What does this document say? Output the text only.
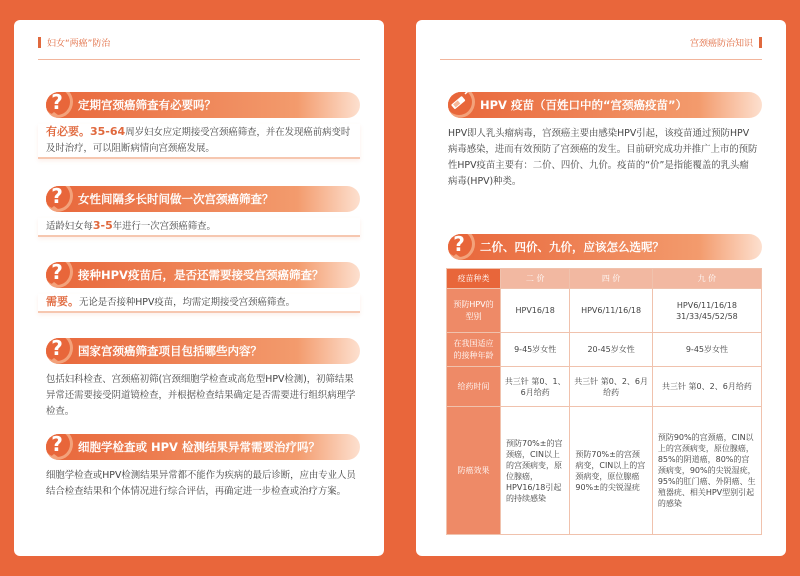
妇女“两癌”防治
? 定期宫颈癌筛查有必要吗？
有必要。35-64周岁妇女应定期接受宫颈癌筛查，并在发现癌前病变时及时治疗，可以阻断病情向宫颈癌发展。
? 女性间隔多长时间做一次宫颈癌筛查？
适龄妇女每3-5年进行一次宫颈癌筛查。
? 接种HPV疫苗后，是否还需要接受宫颈癌筛查？
需要。无论是否接种HPV疫苗，均需定期接受宫颈癌筛查。
? 国家宫颈癌筛查项目包括哪些内容？
包括妇科检查、宫颈癌初筛(宫颈细胞学检查或高危型HPV检测)，初筛结果异常还需要接受阴道镜检查，并根据检查结果确定是否需要进行组织病理学检查。
? 细胞学检查或 HPV 检测结果异常需要治疗吗？
细胞学检查或HPV检测结果异常都不能作为疾病的最后诊断，应由专业人员结合检查结果和个体情况进行综合评估，再确定进一步检查或治疗方案。
宫颈癌防治知识
HPV 疫苗（百姓口中的“宫颈癌疫苗”）
HPV即人乳头瘤病毒，宫颈癌主要由感染HPV引起，该疫苗通过预防HPV病毒感染，进而有效预防了宫颈癌的发生。目前研究成功并推广上市的预防性HPV疫苗主要有：二价、四价、九价。疫苗的“价”是指能覆盖的乳头瘤病毒(HPV)种类。
? 二价、四价、九价，应该怎么选呢？
疫苗种类	二 价	四 价	九 价
预防HPV的型别	HPV16/18	HPV6/11/16/18	HPV6/11/16/18 31/33/45/52/58
在我国适应的接种年龄	9-45岁女性	20-45岁女性	9-45岁女性
给药时间	共三针 第0、1、6月给药	共三针 第0、2、6月给药	共三针 第0、2、6月给药
防癌效果	预防70%±的宫颈癌，CIN以上的宫颈病变，原位腺癌，HPV16/18引起的持续感染	预防70%±的宫颈病变，CIN以上的宫颈病变，原位腺癌90%±的尖锐湿疣	预防90%的宫颈癌，CIN以上的宫颈病变，原位腺癌，85%的阴道癌，80%的宫颈病变，90%的尖锐湿疣，95%的肛门癌、外阴癌、生殖器疣、相关HPV型别引起的感染
